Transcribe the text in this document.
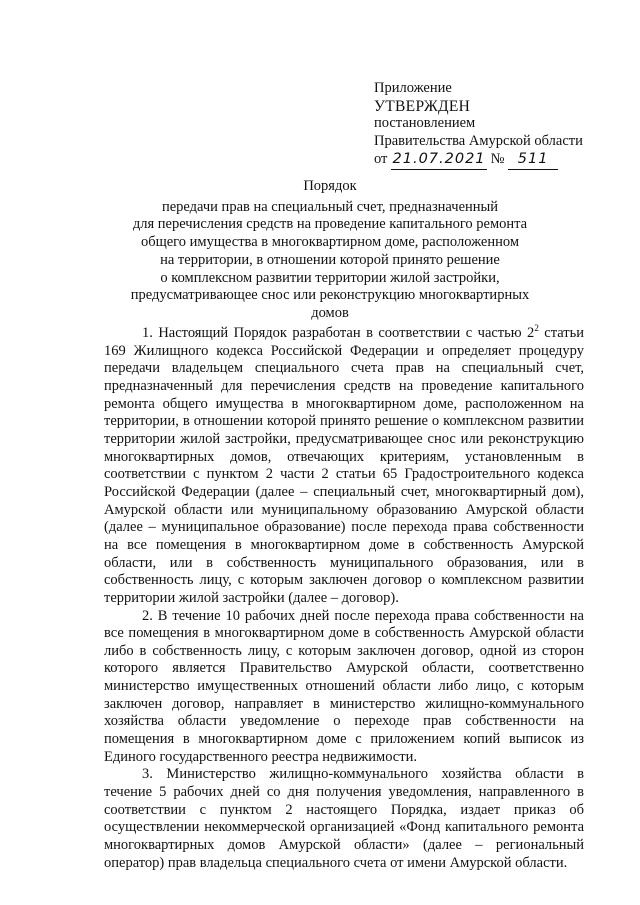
Приложение
УТВЕРЖДЕН
постановлением
Правительства Амурской области
от 21.07.2021 № 511
Порядок
передачи прав на специальный счет, предназначенный
для перечисления средств на проведение капитального ремонта
общего имущества в многоквартирном доме, расположенном
на территории, в отношении которой принято решение
о комплексном развитии территории жилой застройки,
предусматривающее снос или реконструкцию многоквартирных
домов

1. Настоящий Порядок разработан в соответствии с частью $2^2$ статьи 169 Жилищного кодекса Российской Федерации и определяет процедуру передачи владельцем специального счета прав на специальный счет, предназначенный для перечисления средств на проведение капитального ремонта общего имущества в многоквартирном доме, расположенном на территории, в отношении которой принято решение о комплексном развитии территории жилой застройки, предусматривающее снос или реконструкцию многоквартирных домов, отвечающих критериям, установленным в соответствии с пунктом 2 части 2 статьи 65 Градостроительного кодекса Российской Федерации (далее – специальный счет, многоквартирный дом), Амурской области или муниципальному образованию Амурской области (далее – муниципальное образование) после перехода права собственности на все помещения в многоквартирном доме в собственность Амурской области, или в собственность муниципального образования, или в собственность лицу, с которым заключен договор о комплексном развитии территории жилой застройки (далее – договор).

2. В течение 10 рабочих дней после перехода права собственности на все помещения в многоквартирном доме в собственность Амурской области либо в собственность лицу, с которым заключен договор, одной из сторон которого является Правительство Амурской области, соответственно министерство имущественных отношений области либо лицо, с которым заключен договор, направляет в министерство жилищно-коммунального хозяйства области уведомление о переходе прав собственности на помещения в многоквартирном доме с приложением копий выписок из Единого государственного реестра недвижимости.

3. Министерство жилищно-коммунального хозяйства области в течение 5 рабочих дней со дня получения уведомления, направленного в соответствии с пунктом 2 настоящего Порядка, издает приказ об осуществлении некоммерческой организацией «Фонд капитального ремонта многоквартирных домов Амурской области» (далее – региональный оператор) прав владельца специального счета от имени Амурской области.
